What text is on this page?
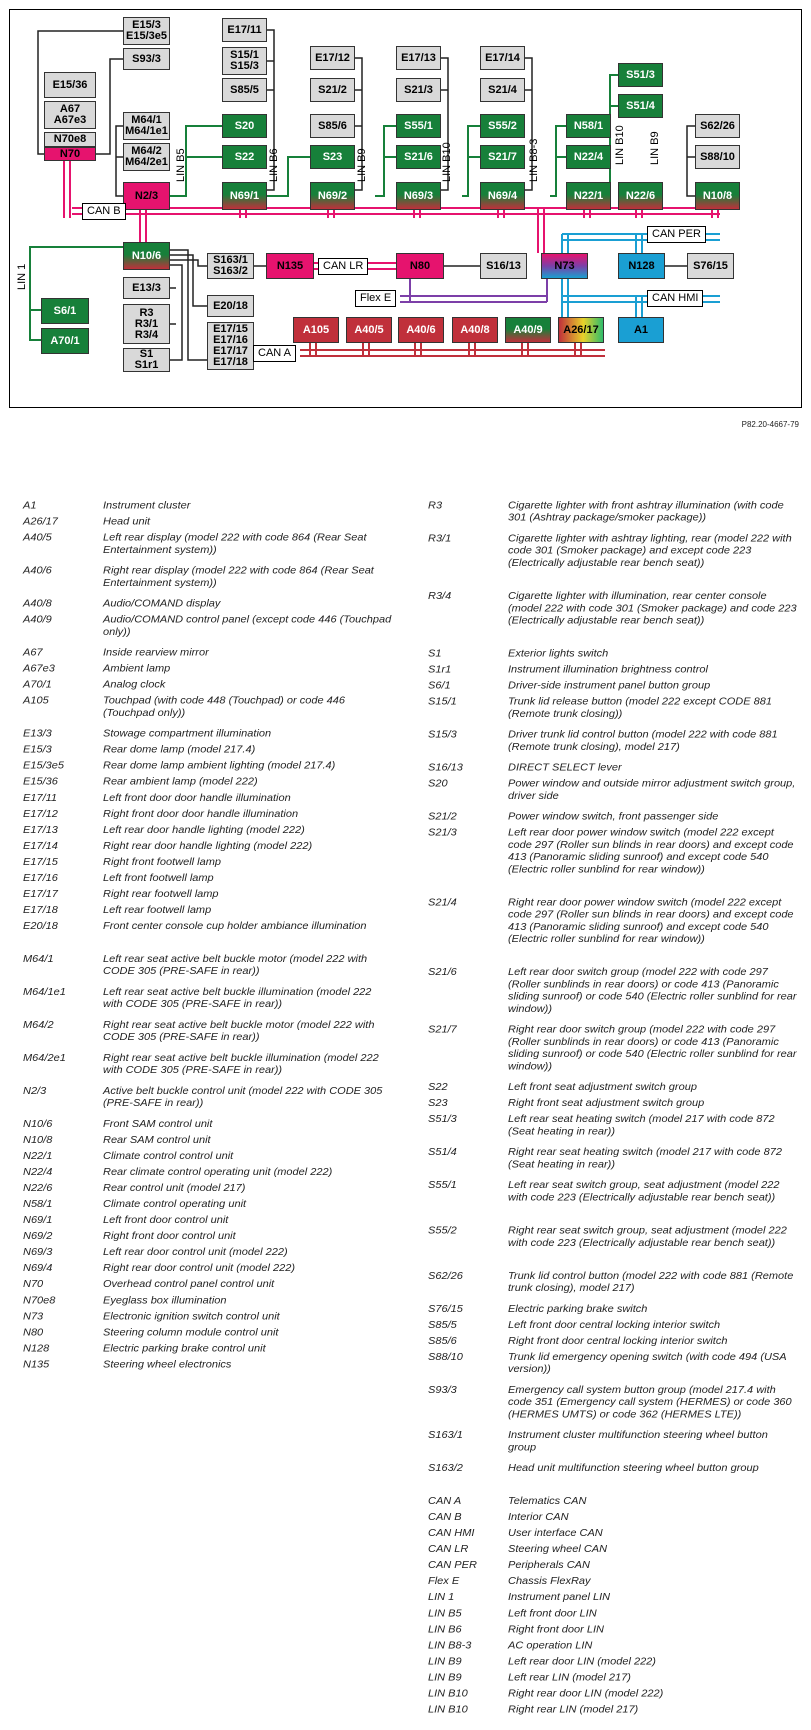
E15/3
E15/3e5
S93/3
E15/36
A67
A67e3
N70e8
N70
E17/11
S15/1
S15/3
S85/5
M64/1
M64/1e1
M64/2
M64/2e1
S20
S22
N2/3	N69/1
E17/12
S21/2
S85/6
S23
N69/2
E17/13
S21/3
S55/1
S21/6
N69/3
E17/14
S21/4
S55/2
S21/7
N69/4
N58/1
N22/4
N22/1
S51/3
S51/4
N22/6
S62/26
S88/10
N10/8
N10/6
E13/3
R3
R3/1
R3/4
S1
S1r1
S6/1
A70/1
S163/1
S163/2
E20/18
E17/15
E17/16
E17/17
E17/18
N135	N80	S16/13	N73	N128	S76/15
A105	A40/5	A40/6	A40/8	A40/9	A26/17	A1
CAN B
CAN LR
Flex E
CAN PER
CAN HMI
CAN A
LIN 1
LIN B5	LIN B6	LIN B9	LIN B10	LIN B8-3	LIN B10 LIN B9
P82.20-4667-79
A1	Instrument cluster
A26/17	Head unit
A40/5	Left rear display (model 222 with code 864 (Rear Seat Entertainment system))
A40/6	Right rear display (model 222 with code 864 (Rear Seat Entertainment system))
A40/8	Audio/COMAND display
A40/9	Audio/COMAND control panel (except code 446 (Touchpad only))
A67	Inside rearview mirror
A67e3	Ambient lamp
A70/1	Analog clock
A105	Touchpad (with code 448 (Touchpad) or code 446 (Touchpad only))
E13/3	Stowage compartment illumination
E15/3	Rear dome lamp (model 217.4)
E15/3e5	Rear dome lamp ambient lighting (model 217.4)
E15/36	Rear ambient lamp (model 222)
E17/11	Left front door door handle illumination
E17/12	Right front door door handle illumination
E17/13	Left rear door handle lighting (model 222)
E17/14	Right rear door handle lighting (model 222)
E17/15	Right front footwell lamp
E17/16	Left front footwell lamp
E17/17	Right rear footwell lamp
E17/18	Left rear footwell lamp
E20/18	Front center console cup holder ambiance illumination
M64/1	Left rear seat active belt buckle motor (model 222 with CODE 305 (PRE-SAFE in rear))
M64/1e1	Left rear seat active belt buckle illumination (model 222 with CODE 305 (PRE-SAFE in rear))
M64/2	Right rear seat active belt buckle motor (model 222 with CODE 305 (PRE-SAFE in rear))
M64/2e1	Right rear seat active belt buckle illumination (model 222 with CODE 305 (PRE-SAFE in rear))
N2/3	Active belt buckle control unit (model 222 with CODE 305 (PRE-SAFE in rear))
N10/6	Front SAM control unit
N10/8	Rear SAM control unit
N22/1	Climate control control unit
N22/4	Rear climate control operating unit (model 222)
N22/6	Rear control unit (model 217)
N58/1	Climate control operating unit
N69/1	Left front door control unit
N69/2	Right front door control unit
N69/3	Left rear door control unit (model 222)
N69/4	Right rear door control unit (model 222)
N70	Overhead control panel control unit
N70e8	Eyeglass box illumination
N73	Electronic ignition switch control unit
N80	Steering column module control unit
N128	Electric parking brake control unit
N135	Steering wheel electronics
R3	Cigarette lighter with front ashtray illumination (with code 301 (Ashtray package/smoker package))
R3/1	Cigarette lighter with ashtray lighting, rear (model 222 with code 301 (Smoker package) and except code 223 (Electrically adjustable rear bench seat))
R3/4	Cigarette lighter with illumination, rear center console (model 222 with code 301 (Smoker package) and code 223 (Electrically adjustable rear bench seat))
S1	Exterior lights switch
S1r1	Instrument illumination brightness control
S6/1	Driver-side instrument panel button group
S15/1	Trunk lid release button (model 222 except CODE 881 (Remote trunk closing))
S15/3	Driver trunk lid control button (model 222 with code 881 (Remote trunk closing), model 217)
S16/13	DIRECT SELECT lever
S20	Power window and outside mirror adjustment switch group, driver side
S21/2	Power window switch, front passenger side
S21/3	Left rear door power window switch (model 222 except code 297 (Roller sun blinds in rear doors) and except code 413 (Panoramic sliding sunroof) and except code 540 (Electric roller sunblind for rear window))
S21/4	Right rear door power window switch (model 222 except code 297 (Roller sun blinds in rear doors) and except code 413 (Panoramic sliding sunroof) and except code 540 (Electric roller sunblind for rear window))
S21/6	Left rear door switch group (model 222 with code 297 (Roller sunblinds in rear doors) or code 413 (Panoramic sliding sunroof) or code 540 (Electric roller sunblind for rear window))
S21/7	Right rear door switch group (model 222 with code 297 (Roller sunblinds in rear doors) or code 413 (Panoramic sliding sunroof) or code 540 (Electric roller sunblind for rear window))
S22	Left front seat adjustment switch group
S23	Right front seat adjustment switch group
S51/3	Left rear seat heating switch (model 217 with code 872 (Seat heating in rear))
S51/4	Right rear seat heating switch (model 217 with code 872 (Seat heating in rear))
S55/1	Left rear seat switch group, seat adjustment (model 222 with code 223 (Electrically adjustable rear bench seat))
S55/2	Right rear seat switch group, seat adjustment (model 222 with code 223 (Electrically adjustable rear bench seat))
S62/26	Trunk lid control button (model 222 with code 881 (Remote trunk closing), model 217)
S76/15	Electric parking brake switch
S85/5	Left front door central locking interior switch
S85/6	Right front door central locking interior switch
S88/10	Trunk lid emergency opening switch (with code 494 (USA version))
S93/3	Emergency call system button group (model 217.4 with code 351 (Emergency call system (HERMES) or code 360 (HERMES UMTS) or code 362 (HERMES LTE))
S163/1	Instrument cluster multifunction steering wheel button group
S163/2	Head unit multifunction steering wheel button group
CAN A	Telematics CAN
CAN B	Interior CAN
CAN HMI	User interface CAN
CAN LR	Steering wheel CAN
CAN PER	Peripherals CAN
Flex E	Chassis FlexRay
LIN 1	Instrument panel LIN
LIN B5	Left front door LIN
LIN B6	Right front door LIN
LIN B8-3	AC operation LIN
LIN B9	Left rear door LIN (model 222)
LIN B9	Left rear LIN (model 217)
LIN B10	Right rear door LIN (model 222)
LIN B10	Right rear LIN (model 217)
